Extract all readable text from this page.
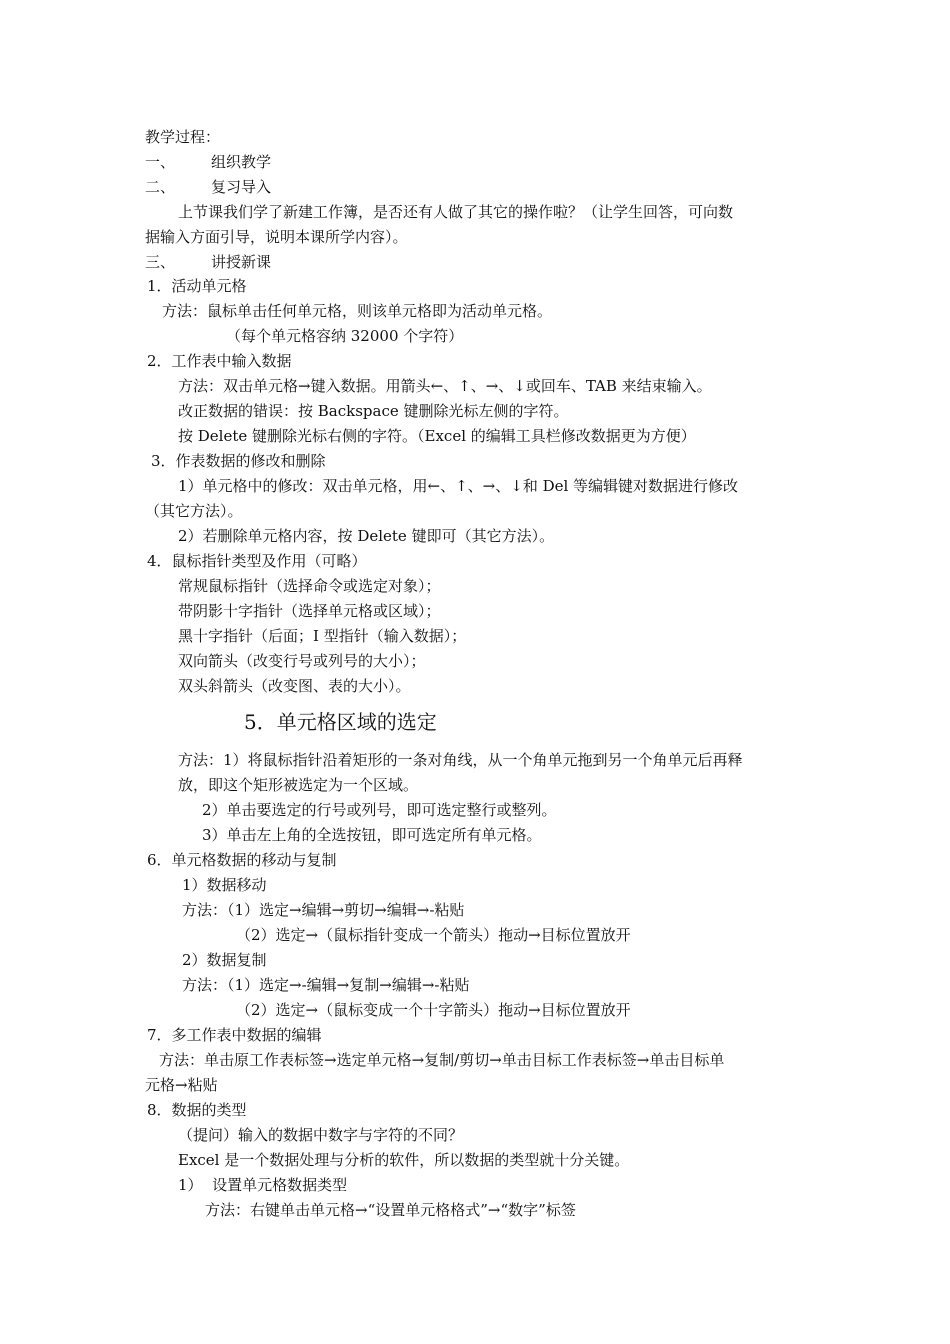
教学过程：
一、 组织教学
二、 复习导入
上节课我们学了新建工作簿，是否还有人做了其它的操作啦？（让学生回答，可向数
据输入方面引导，说明本课所学内容）。
三、 讲授新课
1．活动单元格
方法：鼠标单击任何单元格，则该单元格即为活动单元格。
（每个单元格容纳 32000 个字符）
2．工作表中输入数据
方法：双击单元格→键入数据。用箭头←、↑、→、↓或回车、TAB 来结束输入。
改正数据的错误：按 Backspace 键删除光标左侧的字符。
按 Delete 键删除光标右侧的字符。（Excel 的编辑工具栏修改数据更为方便）
3．作表数据的修改和删除
1）单元格中的修改：双击单元格，用←、↑、→、↓和 Del 等编辑键对数据进行修改
（其它方法）。
2）若删除单元格内容，按 Delete 键即可（其它方法）。
4．鼠标指针类型及作用（可略）
常规鼠标指针（选择命令或选定对象）；
带阴影十字指针（选择单元格或区域）；
黑十字指针（后面；I 型指针（输入数据）；
双向箭头（改变行号或列号的大小）；
双头斜箭头（改变图、表的大小）。
5．单元格区域的选定
方法：1）将鼠标指针沿着矩形的一条对角线，从一个角单元拖到另一个角单元后再释
放，即这个矩形被选定为一个区域。
2）单击要选定的行号或列号，即可选定整行或整列。
3）单击左上角的全选按钮，即可选定所有单元格。
6．单元格数据的移动与复制
1）数据移动
方法：（1）选定→编辑→剪切→编辑→-粘贴
（2）选定→（鼠标指针变成一个箭头）拖动→目标位置放开
2）数据复制
方法：（1）选定→-编辑→复制→编辑→-粘贴
（2）选定→（鼠标变成一个十字箭头）拖动→目标位置放开
7．多工作表中数据的编辑
方法：单击原工作表标签→选定单元格→复制/剪切→单击目标工作表标签→单击目标单
元格→粘贴
8．数据的类型
（提问）输入的数据中数字与字符的不同？
Excel 是一个数据处理与分析的软件，所以数据的类型就十分关键。
1）  设置单元格数据类型
方法：右键单击单元格→“设置单元格格式”→“数字”标签
